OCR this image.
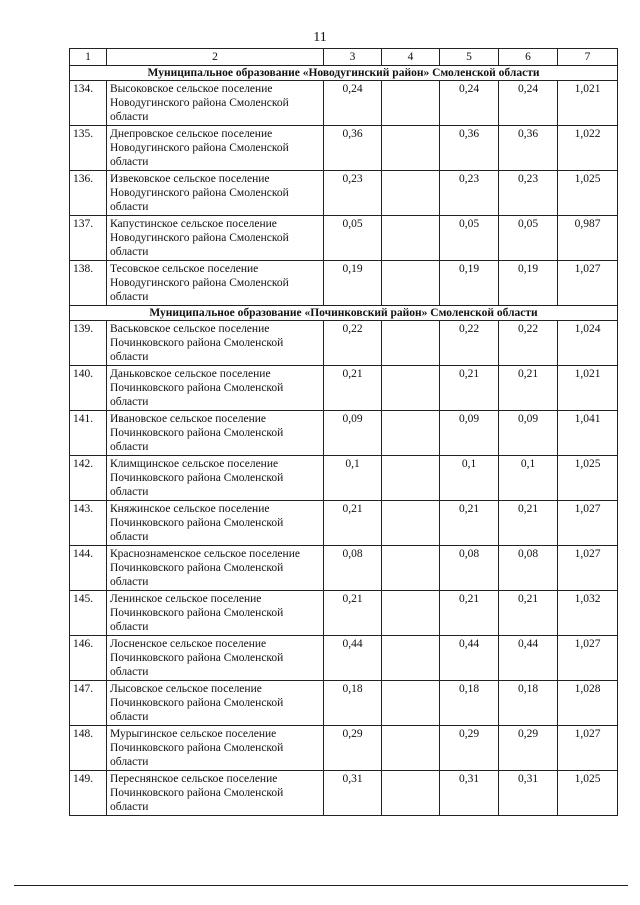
11
1	2	3	4	5	6	7
Муниципальное образование «Новодугинский район» Смоленской области						
134.	Высоковское сельское поселение Новодугинского района Смоленской области	0,24		0,24	0,24	1,021
135.	Днепровское сельское поселение Новодугинского района Смоленской области	0,36		0,36	0,36	1,022
136.	Извековское сельское поселение Новодугинского района Смоленской области	0,23		0,23	0,23	1,025
137.	Капустинское сельское поселение Новодугинского района Смоленской области	0,05		0,05	0,05	0,987
138.	Тесовское сельское поселение Новодугинского района Смоленской области	0,19		0,19	0,19	1,027
Муниципальное образование «Починковский район» Смоленской области						
139.	Васьковское сельское поселение Починковского района Смоленской области	0,22		0,22	0,22	1,024
140.	Даньковское сельское поселение Починковского района Смоленской области	0,21		0,21	0,21	1,021
141.	Ивановское сельское поселение Починковского района Смоленской области	0,09		0,09	0,09	1,041
142.	Климщинское сельское поселение Починковского района Смоленской области	0,1		0,1	0,1	1,025
143.	Княжинское сельское поселение Починковского района Смоленской области	0,21		0,21	0,21	1,027
144.	Краснознаменское сельское поселение Починковского района Смоленской области	0,08		0,08	0,08	1,027
145.	Ленинское сельское поселение Починковского района Смоленской области	0,21		0,21	0,21	1,032
146.	Лосненское сельское поселение Починковского района Смоленской области	0,44		0,44	0,44	1,027
147.	Лысовское сельское поселение Починковского района Смоленской области	0,18		0,18	0,18	1,028
148.	Мурыгинское сельское поселение Починковского района Смоленской области	0,29		0,29	0,29	1,027
149.	Переснянское сельское поселение Починковского района Смоленской области	0,31		0,31	0,31	1,025
